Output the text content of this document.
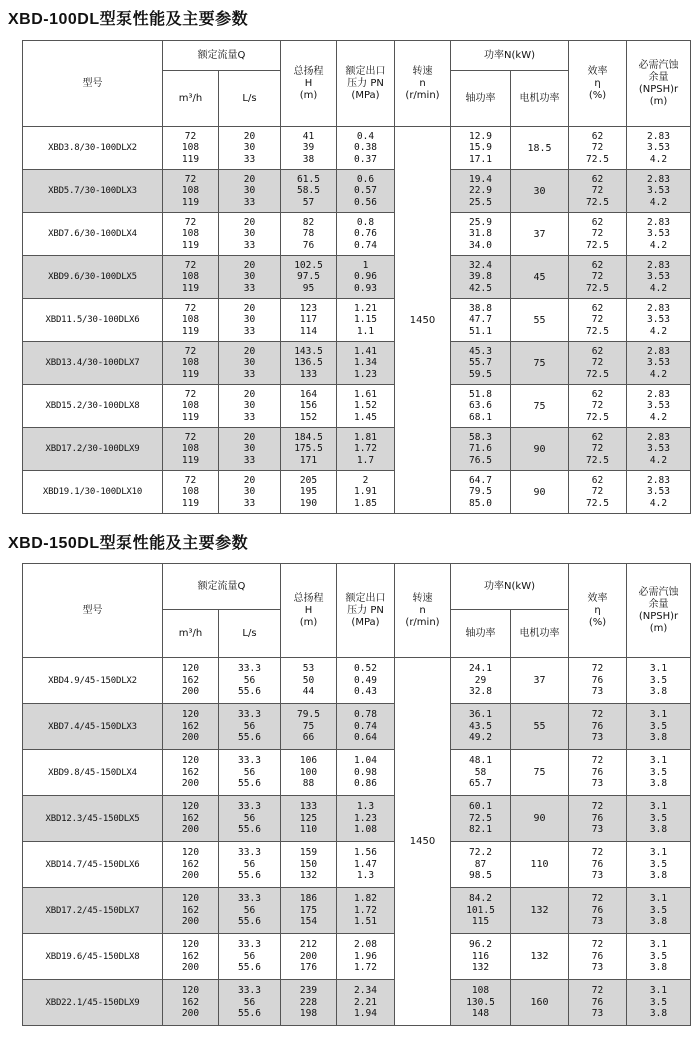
XBD-100DL型泵性能及主要参数
型号	额定流量Q		总扬程
H
(m)	额定出口
压力 PN
(MPa)	转速
n
(r/min)	功率N(kW)		效率
η
(%)	必需汽蚀
余量
(NPSH)r
(m)

	m³/h	L/s				轴功率	电机功率		
XBD3.8/30-100DLX2	72
108
119	20
30
33	41
39
38	0.4
0.38
0.37	1450	12.9
15.9
17.1	18.5	62
72
72.5	2.83
3.53
4.2

XBD5.7/30-100DLX3	72
108
119	20
30
33	61.5
58.5
57	0.6
0.57
0.56		19.4
22.9
25.5	30	62
72
72.5	2.83
3.53
4.2

XBD7.6/30-100DLX4	72
108
119	20
30
33	82
78
76	0.8
0.76
0.74		25.9
31.8
34.0	37	62
72
72.5	2.83
3.53
4.2

XBD9.6/30-100DLX5	72
108
119	20
30
33	102.5
97.5
95	1
0.96
0.93		32.4
39.8
42.5	45	62
72
72.5	2.83
3.53
4.2

XBD11.5/30-100DLX6	72
108
119	20
30
33	123
117
114	1.21
1.15
1.1		38.8
47.7
51.1	55	62
72
72.5	2.83
3.53
4.2

XBD13.4/30-100DLX7	72
108
119	20
30
33	143.5
136.5
133	1.41
1.34
1.23		45.3
55.7
59.5	75	62
72
72.5	2.83
3.53
4.2

XBD15.2/30-100DLX8	72
108
119	20
30
33	164
156
152	1.61
1.52
1.45		51.8
63.6
68.1	75	62
72
72.5	2.83
3.53
4.2

XBD17.2/30-100DLX9	72
108
119	20
30
33	184.5
175.5
171	1.81
1.72
1.7		58.3
71.6
76.5	90	62
72
72.5	2.83
3.53
4.2

XBD19.1/30-100DLX10	72
108
119	20
30
33	205
195
190	2
1.91
1.85		64.7
79.5
85.0	90	62
72
72.5	2.83
3.53
4.2
XBD-150DL型泵性能及主要参数
型号	额定流量Q		总扬程
H
(m)	额定出口
压力 PN
(MPa)	转速
n
(r/min)	功率N(kW)		效率
η
(%)	必需汽蚀
余量
(NPSH)r
(m)

	m³/h	L/s				轴功率	电机功率		
XBD4.9/45-150DLX2	120
162
200	33.3
56
55.6	53
50
44	0.52
0.49
0.43	1450	24.1
29
32.8	37	72
76
73	3.1
3.5
3.8

XBD7.4/45-150DLX3	120
162
200	33.3
56
55.6	79.5
75
66	0.78
0.74
0.64		36.1
43.5
49.2	55	72
76
73	3.1
3.5
3.8

XBD9.8/45-150DLX4	120
162
200	33.3
56
55.6	106
100
88	1.04
0.98
0.86		48.1
58
65.7	75	72
76
73	3.1
3.5
3.8

XBD12.3/45-150DLX5	120
162
200	33.3
56
55.6	133
125
110	1.3
1.23
1.08		60.1
72.5
82.1	90	72
76
73	3.1
3.5
3.8

XBD14.7/45-150DLX6	120
162
200	33.3
56
55.6	159
150
132	1.56
1.47
1.3		72.2
87
98.5	110	72
76
73	3.1
3.5
3.8

XBD17.2/45-150DLX7	120
162
200	33.3
56
55.6	186
175
154	1.82
1.72
1.51		84.2
101.5
115	132	72
76
73	3.1
3.5
3.8

XBD19.6/45-150DLX8	120
162
200	33.3
56
55.6	212
200
176	2.08
1.96
1.72		96.2
116
132	132	72
76
73	3.1
3.5
3.8

XBD22.1/45-150DLX9	120
162
200	33.3
56
55.6	239
228
198	2.34
2.21
1.94		108
130.5
148	160	72
76
73	3.1
3.5
3.8
